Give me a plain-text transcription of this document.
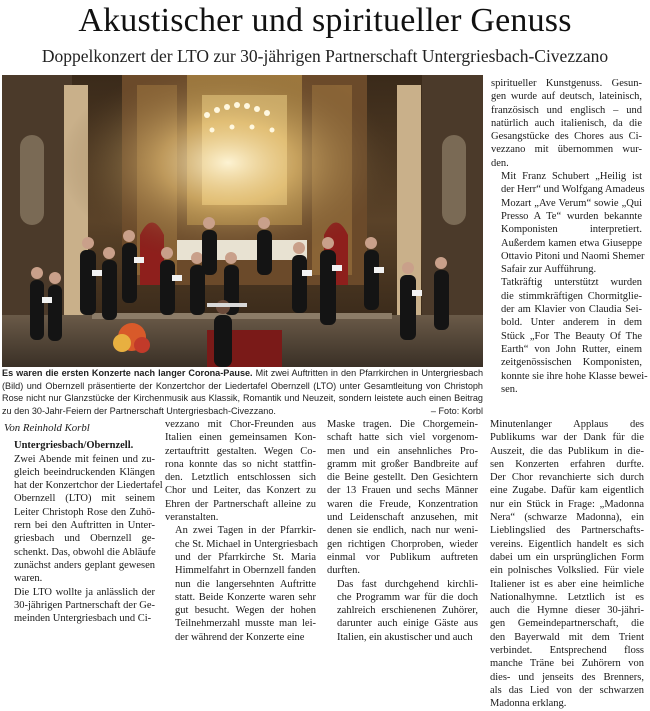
Akustischer und spiritueller Genuss
Doppelkonzert der LTO zur 30-jährigen Partnerschaft Untergriesbach-Civezzano
Es waren die ersten Konzerte nach langer Corona-Pause. Mit zwei Auftritten in den Pfarrkirchen in Untergriesbach (Bild) und Obernzell präsentierte der Konzertchor der Liedertafel Obernzell (LTO) unter Gesamtleitung von Christoph Rose nicht nur Glanzstücke der Kirchenmusik aus Klassik, Romantik und Neuzeit, sondern leistete auch einen Beitrag zu den 30-Jahr-Feiern der Partnerschaft Untergriesbach-Civezzano.	– Foto: Korbl

spiritueller Kunstgenuss. Gesun-
gen wurde auf deutsch, lateinisch,
französisch und englisch – und
natürlich auch italienisch, da die
Gesangstücke des Chores aus Ci-
vezzano mit übernommen wur-
den.

Mit Franz Schubert „Heilig ist
der Herr“ und Wolfgang Amadeus
Mozart „Ave Verum“ sowie „Qui
Presso A Te“ wurden bekannte
Komponisten interpretiert.
Außerdem kamen etwa Giuseppe
Ottavio Pitoni und Naomi Shemer
Safair zur Aufführung.

Tatkräftig unterstützt wurden
die stimmkräftigen Chormitglie-
der am Klavier von Claudia Sei-
bold. Unter anderem in dem
Stück „For The Beauty Of The
Earth“ von John Rutter, einem
zeitgenössischen Komponisten,
konnte sie ihre hohe Klasse bewei-
sen.

Von Reinhold Korbl

Untergriesbach/Obernzell.
Zwei Abende mit feinen und zu-
gleich beeindruckenden Klängen
hat der Konzertchor der Liedertafel
Obernzell (LTO) mit seinem
Leiter Christoph Rose den Zuhö-
rern bei den Auftritten in Unter-
griesbach und Obernzell ge-
schenkt. Das, obwohl die Abläufe
zunächst anders geplant gewesen
waren.

Die LTO wollte ja anlässlich der
30-jährigen Partnerschaft der Ge-
meinden Untergriesbach und Ci-

vezzano mit Chor-Freunden aus
Italien einen gemeinsamen Kon-
zertauftritt gestalten. Wegen Co-
rona konnte das so nicht stattfin-
den. Letztlich entschlossen sich
Chor und Leiter, das Konzert zu
Ehren der Partnerschaft alleine zu
veranstalten.

An zwei Tagen in der Pfarrkir-
che St. Michael in Untergriesbach
und der Pfarrkirche St. Maria
Himmelfahrt in Obernzell fanden
nun die langersehnten Auftritte
statt. Beide Konzerte waren sehr
gut besucht. Wegen der hohen
Teilnehmerzahl musste man lei-
der während der Konzerte eine

Maske tragen. Die Chorgemein-
schaft hatte sich viel vorgenom-
men und ein ansehnliches Pro-
gramm mit großer Bandbreite auf
die Beine gestellt. Den Gesichtern
der 13 Frauen und sechs Männer
waren die Freude, Konzentration
und Leidenschaft anzusehen, mit
denen sie endlich, nach nur weni-
gen richtigen Chorproben, wieder
einmal vor Publikum auftreten
durften.

Das fast durchgehend kirchli-
che Programm war für die doch
zahlreich erschienenen Zuhörer,
darunter auch einige Gäste aus
Italien, ein akustischer und auch

Minutenlanger Applaus des
Publikums war der Dank für die
Auszeit, die das Publikum in die-
sen Konzerten erfahren durfte.
Der Chor revanchierte sich durch
eine Zugabe. Dafür kam eigentlich
nur ein Stück in Frage: „Madonna
Nera“ (schwarze Madonna), ein
Lieblingslied des Partnerschafts-
vereins. Eigentlich handelt es sich
dabei um ein ursprünglichen Form
ein polnisches Volkslied. Für viele
Italiener ist es aber eine heimliche
Nationalhymne. Letztlich ist es
auch die Hymne dieser 30-jähri-
gen Gemeindepartnerschaft, die
den Bayerwald mit dem Trient
verbindet. Entsprechend floss
manche Träne bei Zuhörern von
dies- und jenseits des Brenners,
als das Lied von der schwarzen
Madonna erklang.
